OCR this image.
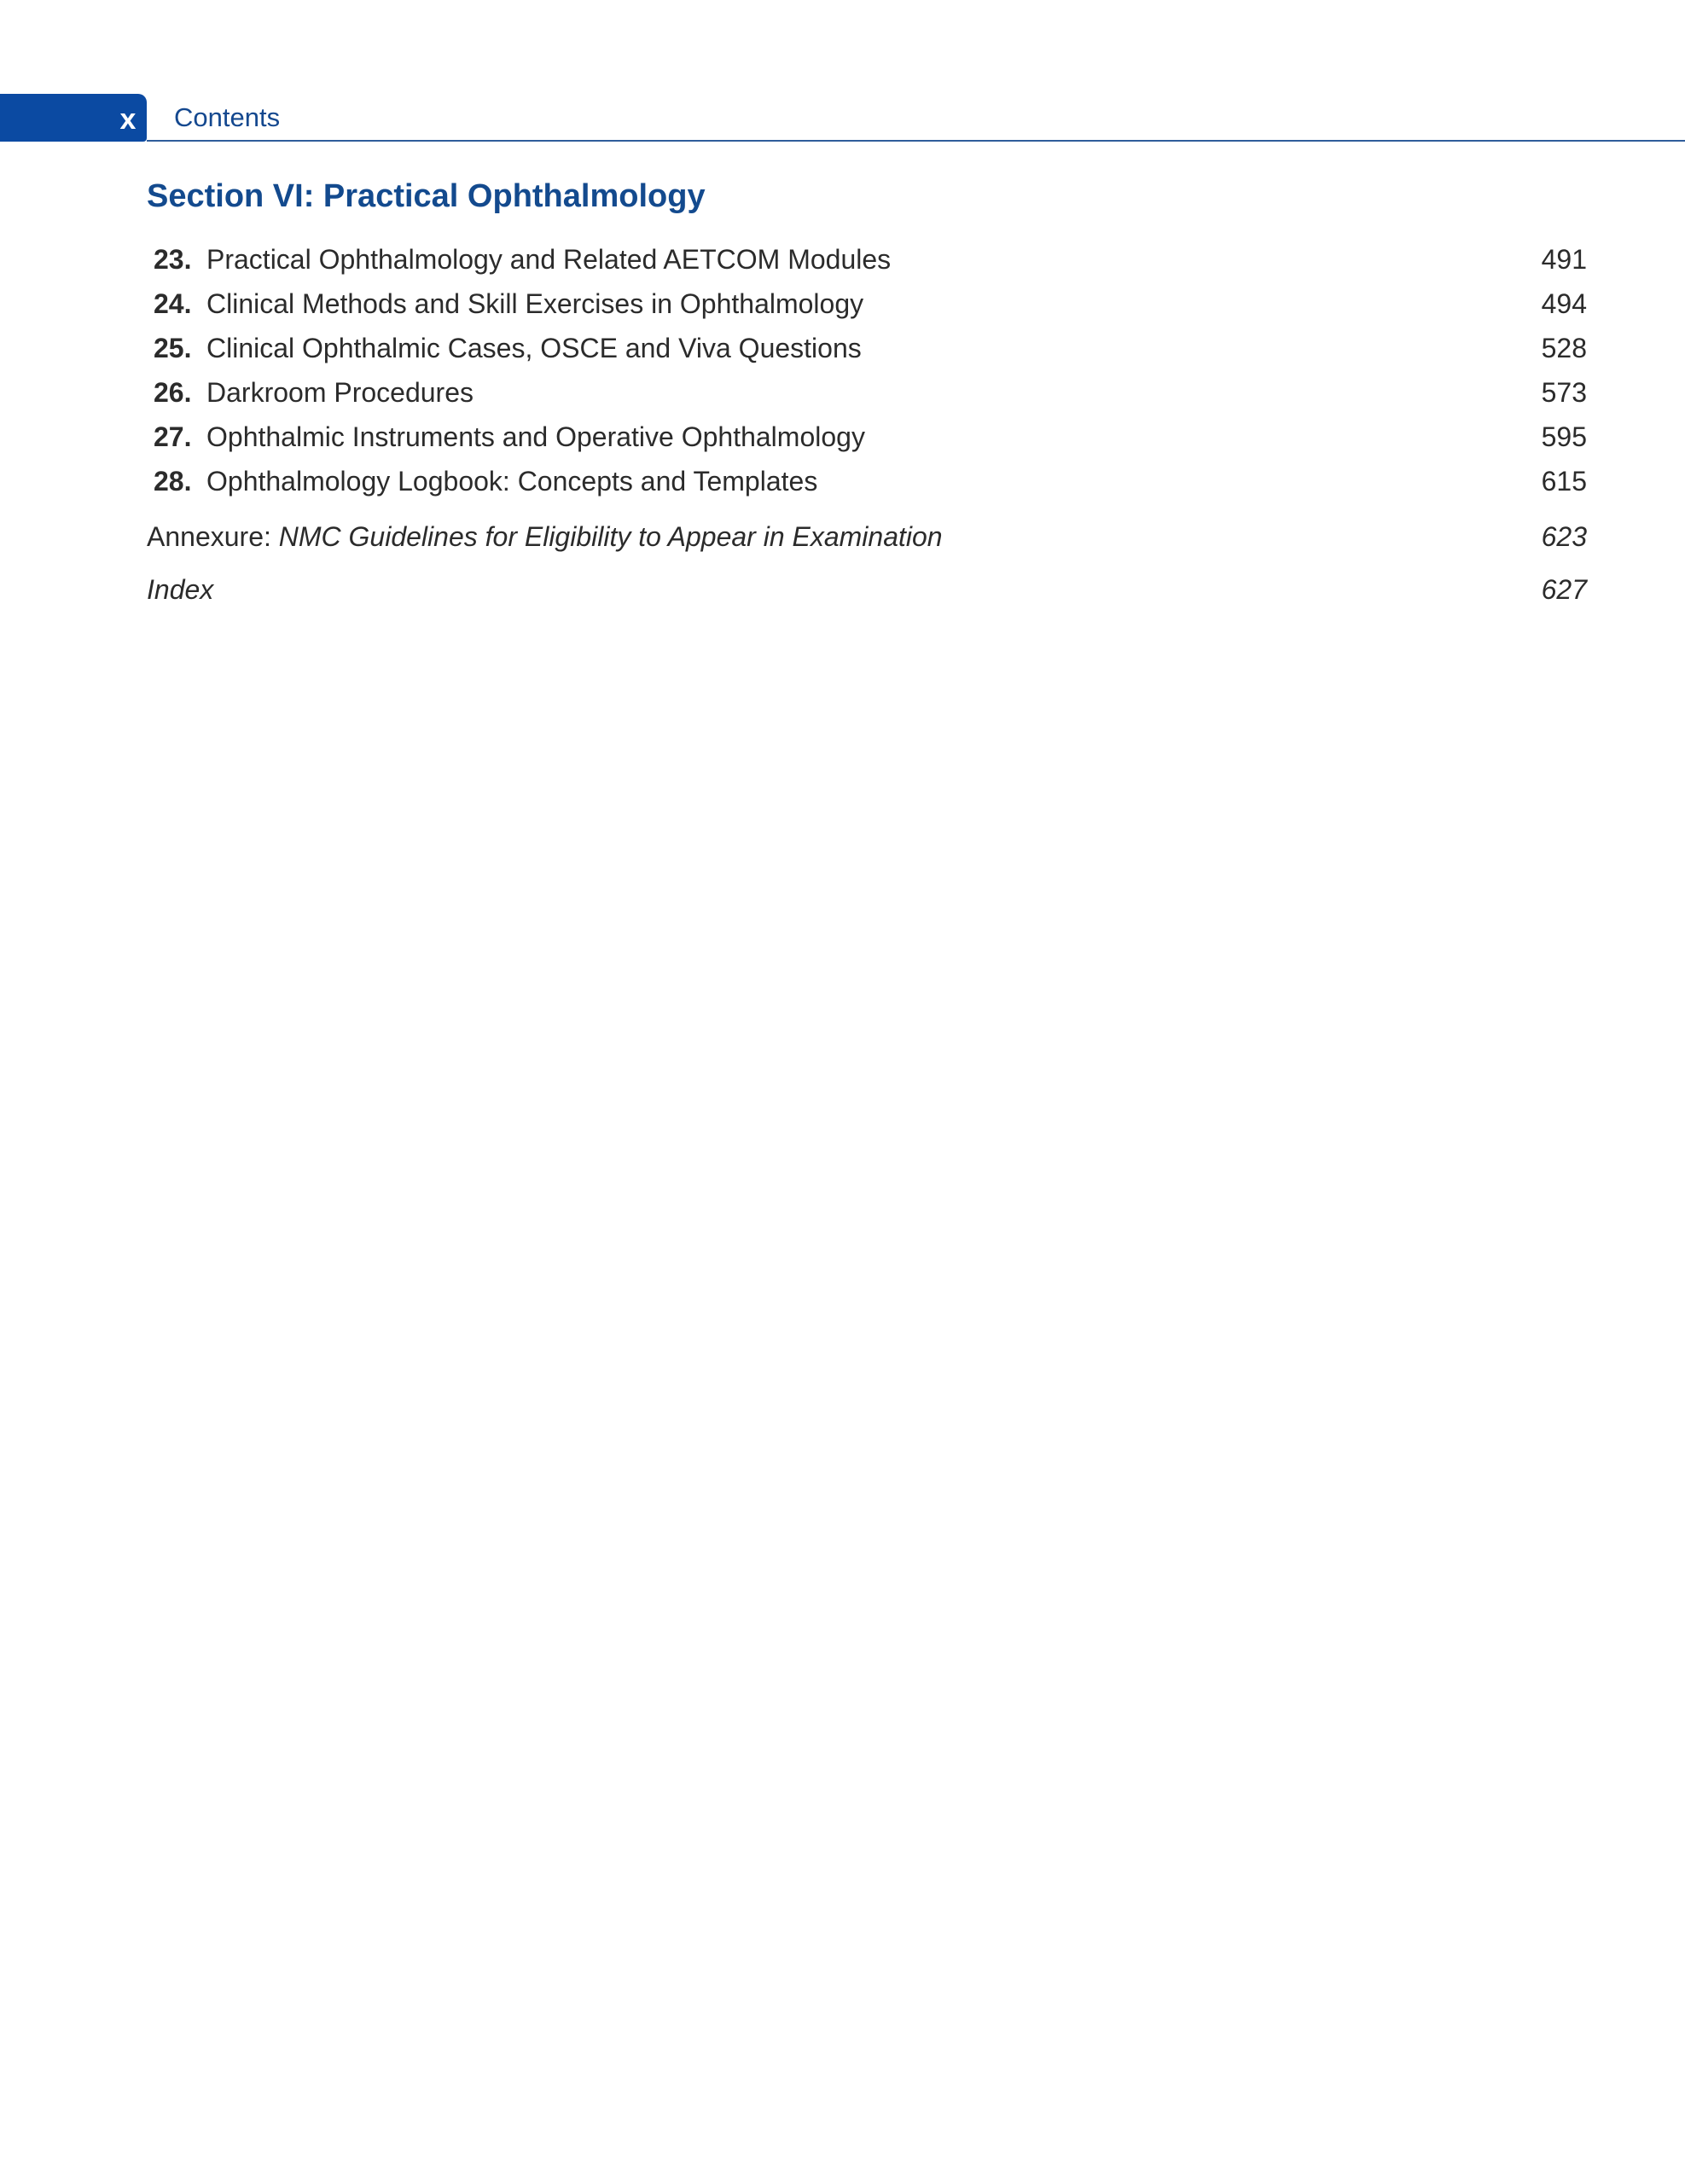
x Contents
Section VI: Practical Ophthalmology
23. Practical Ophthalmology and Related AETCOM Modules	491
24. Clinical Methods and Skill Exercises in Ophthalmology	494
25. Clinical Ophthalmic Cases, OSCE and Viva Questions	528
26. Darkroom Procedures	573
27. Ophthalmic Instruments and Operative Ophthalmology	595
28. Ophthalmology Logbook: Concepts and Templates	615
Annexure: NMC Guidelines for Eligibility to Appear in Examination	623
Index	627
